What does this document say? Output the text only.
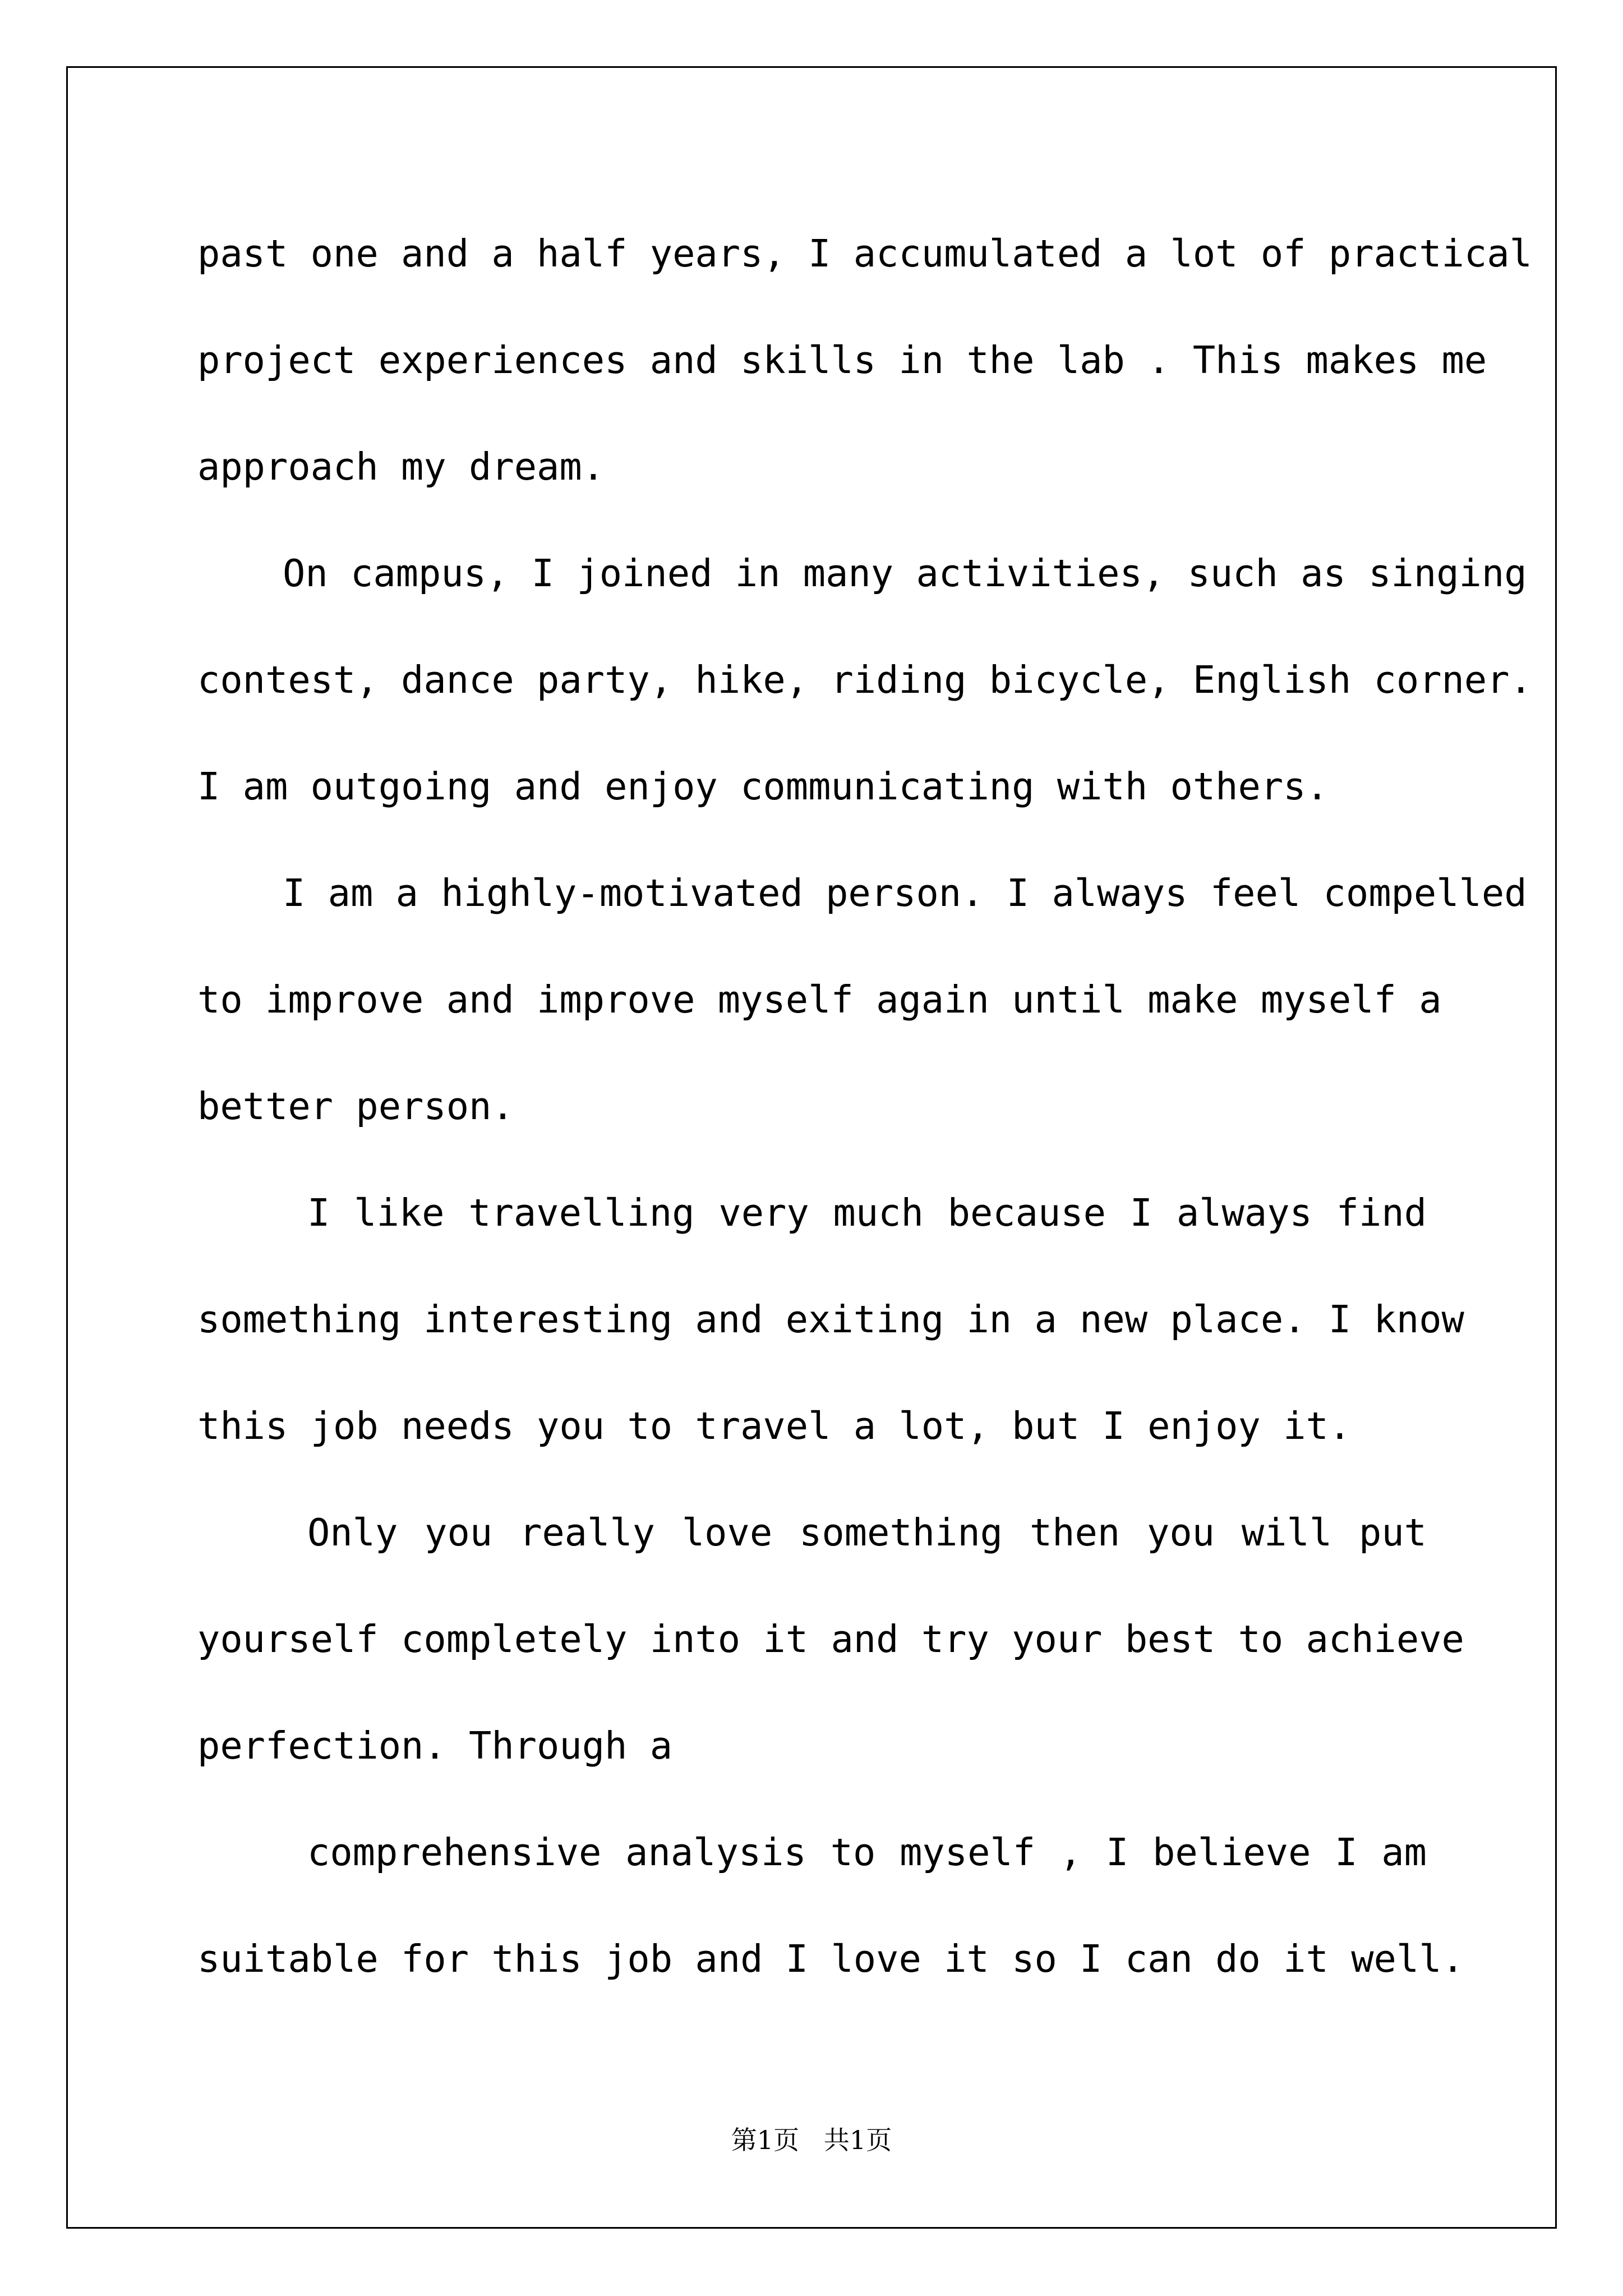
past one and a half years, I accumulated a lot of practical
project experiences and skills in the lab . This makes me
approach my dream.
On campus, I joined in many activities, such as singing
contest, dance party, hike, riding bicycle, English corner.
I am outgoing and enjoy communicating with others.
I am a highly-motivated person. I always feel compelled
to improve and improve myself again until make myself a
better person.
I like travelling very much because I always find
something interesting and exiting in a new place. I know
this job needs you to travel a lot, but I enjoy it.
Only you really love something then you will put
yourself completely into it and try your best to achieve
perfection. Through a
comprehensive analysis to myself , I believe I am
suitable for this job and I love it so I can do it well.
第1页   共1页
